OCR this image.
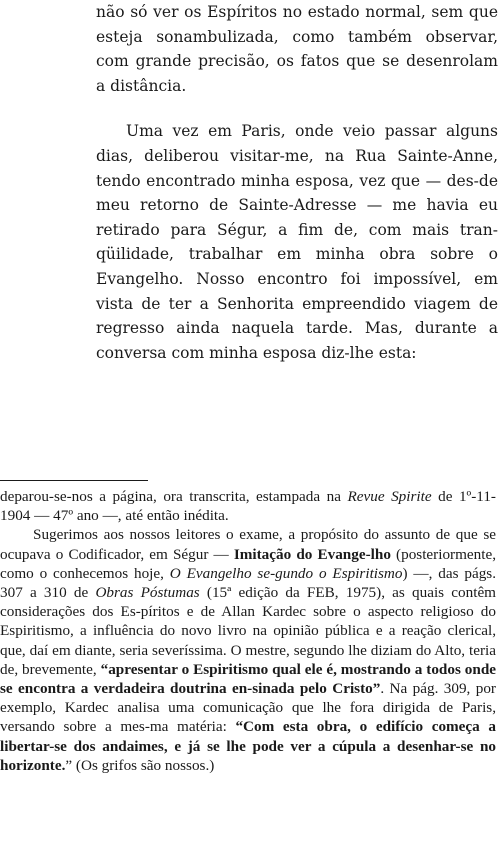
não só ver os Espíritos no estado normal, sem que esteja sonambulizada, como também observar, com grande precisão, os fatos que se desenrolam a distância.

Uma vez em Paris, onde veio passar alguns dias, deliberou visitar-me, na Rua Sainte-Anne, tendo encontrado minha esposa, vez que — des-de meu retorno de Sainte-Adresse — me havia eu retirado para Ségur, a fim de, com mais tran-qüilidade, trabalhar em minha obra sobre o Evangelho. Nosso encontro foi impossível, em vista de ter a Senhorita empreendido viagem de regresso ainda naquela tarde. Mas, durante a conversa com minha esposa diz-lhe esta:

deparou-se-nos a página, ora transcrita, estampada na Revue Spirite de 1º-11-1904 — 47º ano —, até então inédita.

Sugerimos aos nossos leitores o exame, a propósito do assunto de que se ocupava o Codificador, em Ségur — Imitação do Evange-lho (posteriormente, como o conhecemos hoje, O Evangelho se-gundo o Espiritismo) —, das págs. 307 a 310 de Obras Póstumas (15ª edição da FEB, 1975), as quais contêm considerações dos Es-píritos e de Allan Kardec sobre o aspecto religioso do Espiritismo, a influência do novo livro na opinião pública e a reação clerical, que, daí em diante, seria severíssima. O mestre, segundo lhe diziam do Alto, teria de, brevemente, “apresentar o Espiritismo qual ele é, mostrando a todos onde se encontra a verdadeira doutrina en-sinada pelo Cristo”. Na pág. 309, por exemplo, Kardec analisa uma comunicação que lhe fora dirigida de Paris, versando sobre a mes-ma matéria: “Com esta obra, o edifício começa a libertar-se dos andaimes, e já se lhe pode ver a cúpula a desenhar-se no horizonte.” (Os grifos são nossos.)
